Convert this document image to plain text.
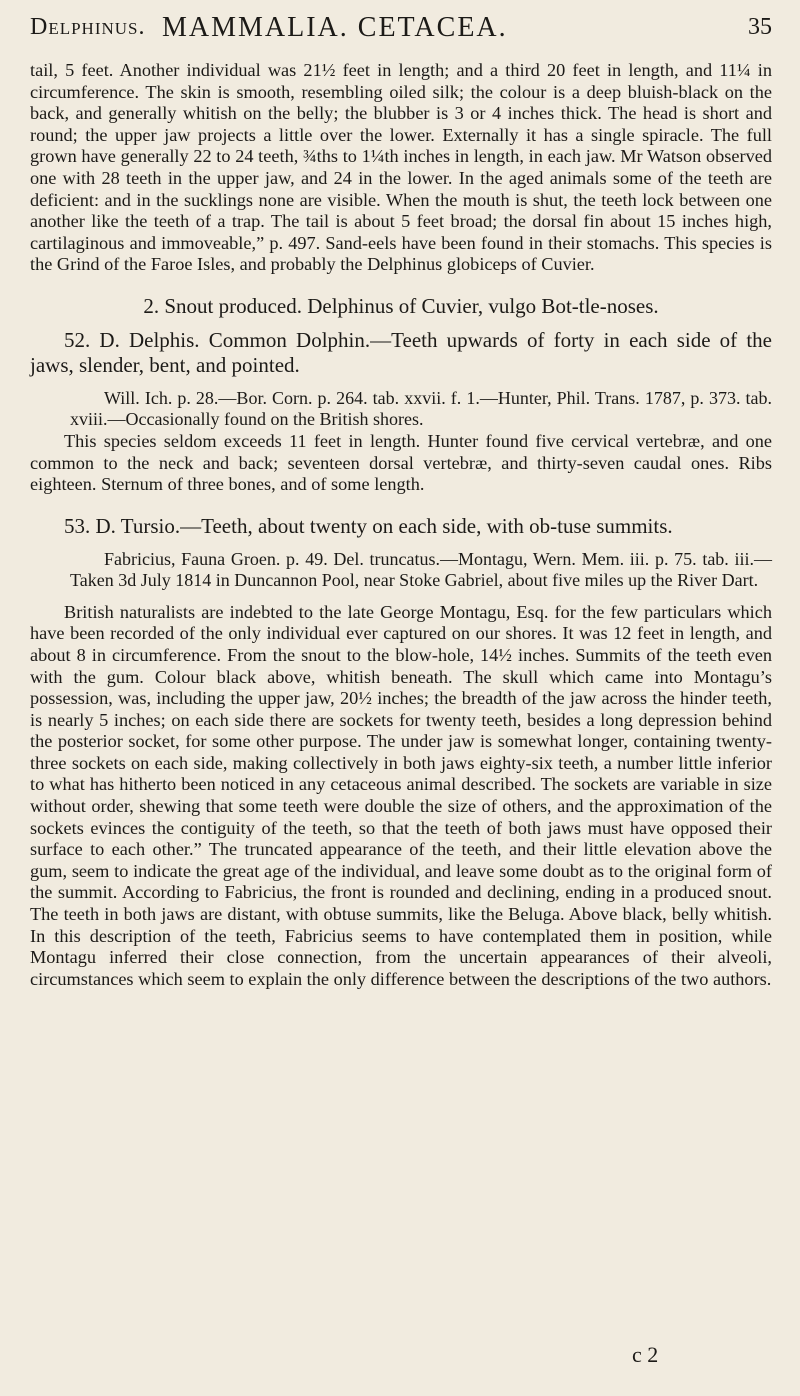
Delphinus. MAMMALIA. CETACEA.	35

tail, 5 feet. Another individual was 21½ feet in length; and a third 20 feet in length, and 11¼ in circumference. The skin is smooth, resembling oiled silk; the colour is a deep bluish-black on the back, and generally whitish on the belly; the blubber is 3 or 4 inches thick. The head is short and round; the upper jaw projects a little over the lower. Externally it has a single spiracle. The full grown have generally 22 to 24 teeth, ¾ths to 1¼th inches in length, in each jaw. Mr Watson observed one with 28 teeth in the upper jaw, and 24 in the lower. In the aged animals some of the teeth are deficient: and in the sucklings none are visible. When the mouth is shut, the teeth lock between one another like the teeth of a trap. The tail is about 5 feet broad; the dorsal fin about 15 inches high, cartilaginous and immoveable,” p. 497. Sand-eels have been found in their stomachs. This species is the Grind of the Faroe Isles, and probably the Delphinus globiceps of Cuvier.

2. Snout produced. Delphinus of Cuvier, vulgo Bot-tle-noses.

52. D. Delphis. Common Dolphin.—Teeth upwards of forty in each side of the jaws, slender, bent, and pointed.

Will. Ich. p. 28.—Bor. Corn. p. 264. tab. xxvii. f. 1.—Hunter, Phil. Trans. 1787, p. 373. tab. xviii.—Occasionally found on the British shores.

This species seldom exceeds 11 feet in length. Hunter found five cervical vertebræ, and one common to the neck and back; seventeen dorsal vertebræ, and thirty-seven caudal ones. Ribs eighteen. Sternum of three bones, and of some length.

53. D. Tursio.—Teeth, about twenty on each side, with ob-tuse summits.

Fabricius, Fauna Groen. p. 49. Del. truncatus.—Montagu, Wern. Mem. iii. p. 75. tab. iii.—Taken 3d July 1814 in Duncannon Pool, near Stoke Gabriel, about five miles up the River Dart.

British naturalists are indebted to the late George Montagu, Esq. for the few particulars which have been recorded of the only individual ever captured on our shores. It was 12 feet in length, and about 8 in circumference. From the snout to the blow-hole, 14½ inches. Summits of the teeth even with the gum. Colour black above, whitish beneath. The skull which came into Montagu’s possession, was, including the upper jaw, 20½ inches; the breadth of the jaw across the hinder teeth, is nearly 5 inches; on each side there are sockets for twenty teeth, besides a long depression behind the posterior socket, for some other purpose. The under jaw is somewhat longer, containing twenty-three sockets on each side, making collectively in both jaws eighty-six teeth, a number little inferior to what has hitherto been noticed in any cetaceous animal described. The sockets are variable in size without order, shewing that some teeth were double the size of others, and the approximation of the sockets evinces the contiguity of the teeth, so that the teeth of both jaws must have opposed their surface to each other.” The truncated appearance of the teeth, and their little elevation above the gum, seem to indicate the great age of the individual, and leave some doubt as to the original form of the summit. According to Fabricius, the front is rounded and declining, ending in a produced snout. The teeth in both jaws are distant, with obtuse summits, like the Beluga. Above black, belly whitish. In this description of the teeth, Fabricius seems to have contemplated them in position, while Montagu inferred their close connection, from the uncertain appearances of their alveoli, circumstances which seem to explain the only difference between the descriptions of the two authors.

c 2
